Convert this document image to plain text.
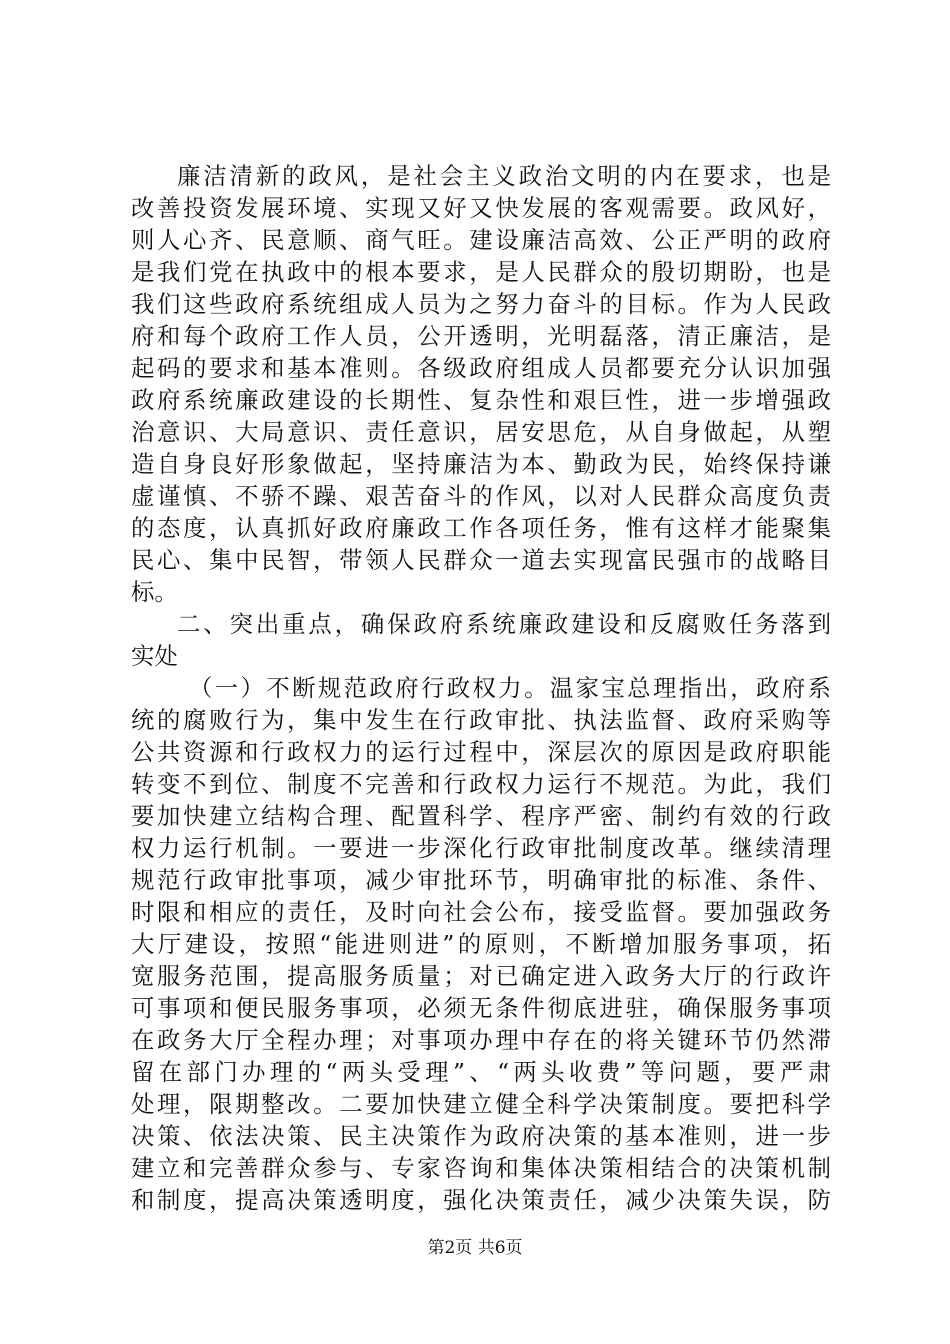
廉洁清新的政风，是社会主义政治文明的内在要求，也是
改善投资发展环境、实现又好又快发展的客观需要。政风好，
则人心齐、民意顺、商气旺。建设廉洁高效、公正严明的政府
是我们党在执政中的根本要求，是人民群众的殷切期盼，也是
我们这些政府系统组成人员为之努力奋斗的目标。作为人民政
府和每个政府工作人员，公开透明，光明磊落，清正廉洁，是
起码的要求和基本准则。各级政府组成人员都要充分认识加强
政府系统廉政建设的长期性、复杂性和艰巨性，进一步增强政
治意识、大局意识、责任意识，居安思危，从自身做起，从塑
造自身良好形象做起，坚持廉洁为本、勤政为民，始终保持谦
虚谨慎、不骄不躁、艰苦奋斗的作风，以对人民群众高度负责
的态度，认真抓好政府廉政工作各项任务，惟有这样才能聚集
民心、集中民智，带领人民群众一道去实现富民强市的战略目
标。
二、突出重点，确保政府系统廉政建设和反腐败任务落到
实处
（一）不断规范政府行政权力。温家宝总理指出，政府系
统的腐败行为，集中发生在行政审批、执法监督、政府采购等
公共资源和行政权力的运行过程中，深层次的原因是政府职能
转变不到位、制度不完善和行政权力运行不规范。为此，我们
要加快建立结构合理、配置科学、程序严密、制约有效的行政
权力运行机制。一要进一步深化行政审批制度改革。继续清理
规范行政审批事项，减少审批环节，明确审批的标准、条件、
时限和相应的责任，及时向社会公布，接受监督。要加强政务
大厅建设，按照“能进则进”的原则，不断增加服务事项，拓
宽服务范围，提高服务质量；对已确定进入政务大厅的行政许
可事项和便民服务事项，必须无条件彻底进驻，确保服务事项
在政务大厅全程办理；对事项办理中存在的将关键环节仍然滞
留在部门办理的“两头受理”、“两头收费”等问题，要严肃
处理，限期整改。二要加快建立健全科学决策制度。要把科学
决策、依法决策、民主决策作为政府决策的基本准则，进一步
建立和完善群众参与、专家咨询和集体决策相结合的决策机制
和制度，提高决策透明度，强化决策责任，减少决策失误，防
第2页 共6页
